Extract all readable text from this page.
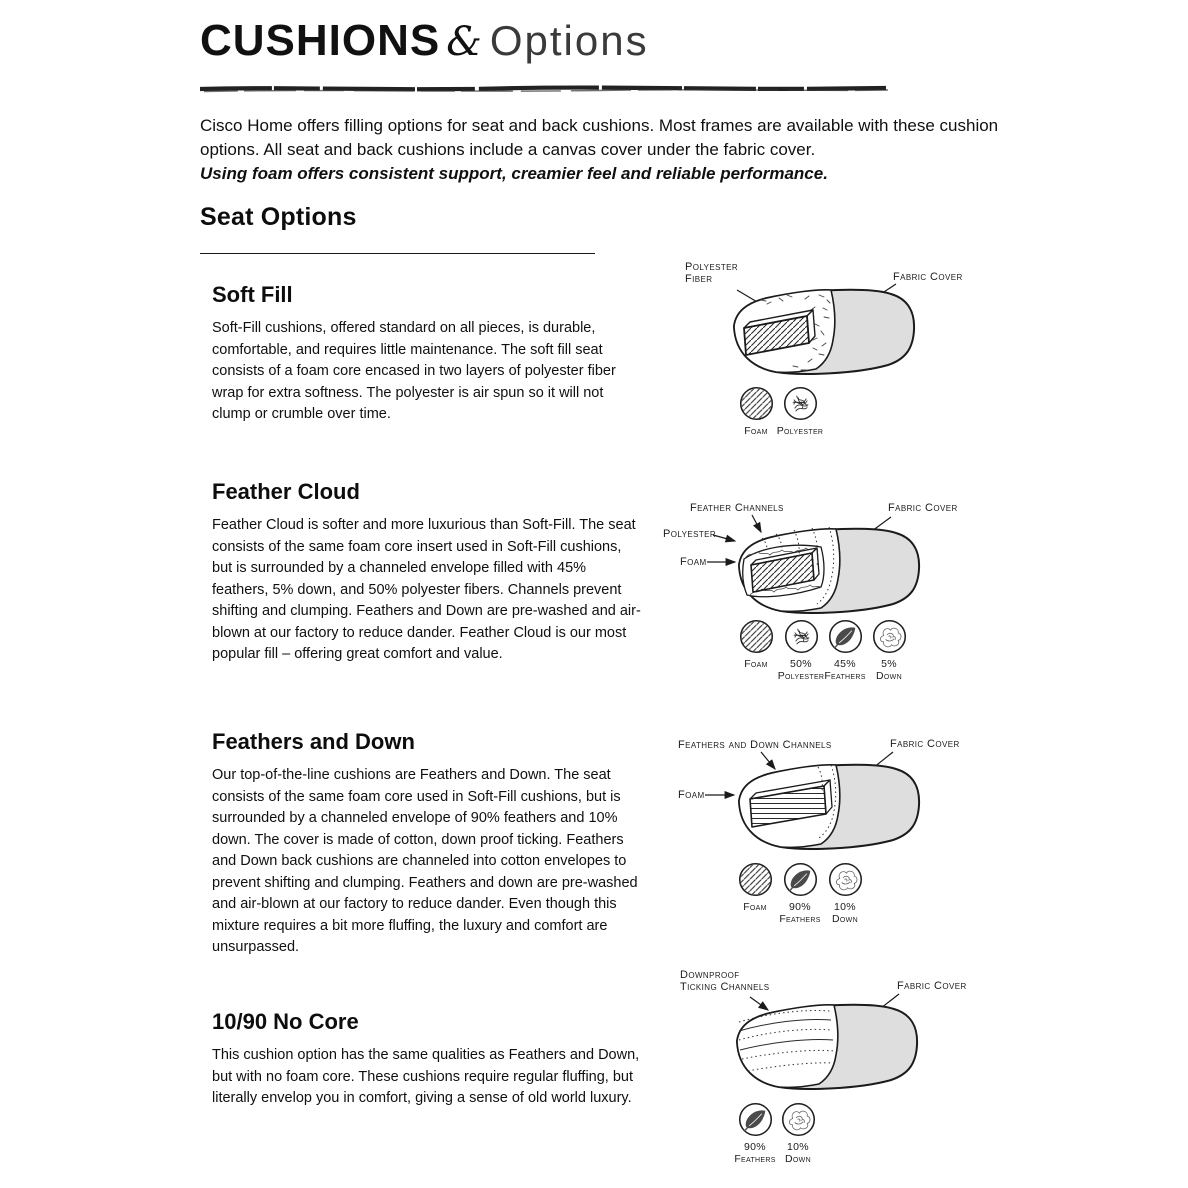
CUSHIONS & Options

Cisco Home offers filling options for seat and back cushions. Most frames are available with these cushion options. All seat and back cushions include a canvas cover under the fabric cover.

Using foam offers consistent support, creamier feel and reliable performance.

Seat Options
Soft Fill
Soft-Fill cushions, offered standard on all pieces, is durable, comfortable, and requires little maintenance. The soft fill seat consists of a foam core encased in two layers of polyester fiber wrap for extra softness. The polyester is air spun so it will not clump or crumble over time.
Polyester Fiber	Fabric Cover
Foam Polyester
Feather Cloud
Feather Cloud is softer and more luxurious than Soft-Fill. The seat consists of the same foam core insert used in Soft-Fill cushions, but is surrounded by a channeled envelope filled with 45% feathers, 5% down, and 50% polyester fibers. Channels prevent shifting and clumping. Feathers and Down are pre-washed and air-blown at our factory to reduce dander. Feather Cloud is our most popular fill – offering great comfort and value.
Feather Channels	Fabric Cover
Polyester
Foam
Foam	50%
Polyester
45%
Feathers
5%
Down
Feathers and Down
Our top-of-the-line cushions are Feathers and Down. The seat consists of the same foam core used in Soft-Fill cushions, but is surrounded by a channeled envelope of 90% feathers and 10% down. The cover is made of cotton, down proof ticking. Feathers and Down back cushions are channeled into cotton envelopes to prevent shifting and clumping. Feathers and down are pre-washed and air-blown at our factory to reduce dander. Even though this mixture requires a bit more fluffing, the luxury and comfort are unsurpassed.
Feathers and Down Channels	Fabric Cover
Foam
Foam	90%
Feathers
10%
Down
10/90 No Core
This cushion option has the same qualities as Feathers and Down, but with no foam core. These cushions require regular fluffing, but literally envelop you in comfort, giving a sense of old world luxury.
Downproof Ticking Channels	Fabric Cover
90%
Feathers
10%
Down
